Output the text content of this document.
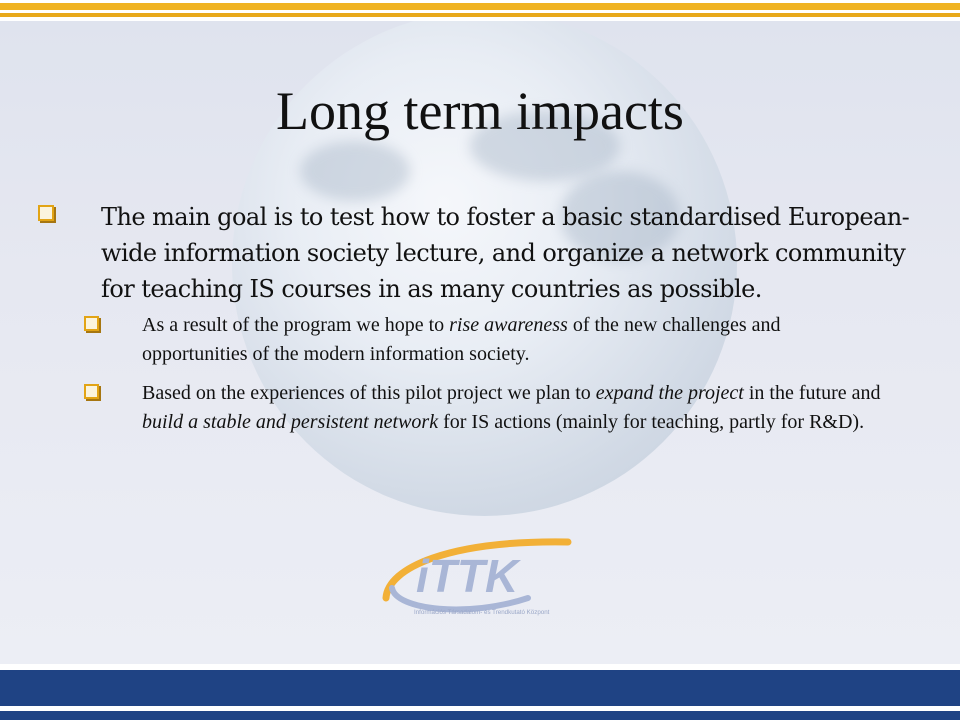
Long term impacts

The main goal is to test how to foster a basic standardised European-wide information society lecture, and organize a network community for teaching IS courses in as many countries as possible.

As a result of the program we hope to rise awareness of the new challenges and opportunities of the modern information society.

Based on the experiences of this pilot project we plan to expand the project in the future and build a stable and persistent network for IS actions (mainly for teaching, partly for R&D).

iTTK
Információs Társadalom- és Trendkutató Központ
